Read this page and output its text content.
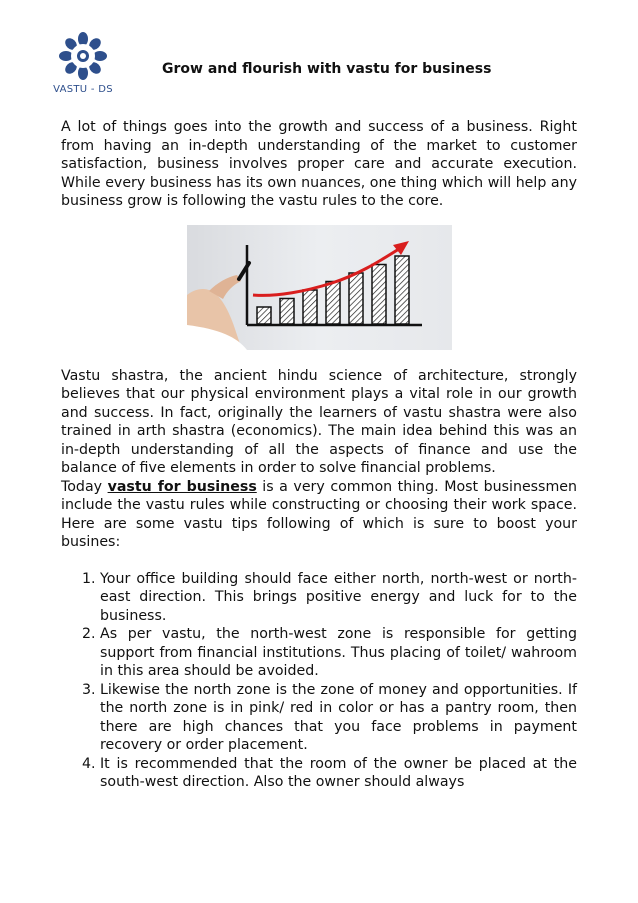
VASTU - DS
Grow and flourish with vastu for business

A lot of things goes into the growth and success of a business. Right from having an in-depth understanding of the market to customer satisfaction, business involves proper care and accurate execution. While every business has its own nuances, one thing which will help any business grow is following the vastu rules to the core.

Vastu shastra, the ancient hindu science of architecture, strongly believes that our physical environment plays a vital role in our growth and success. In fact, originally the learners of vastu shastra were also trained in arth shastra (economics). The main idea behind this was an in-depth understanding of all the aspects of finance and use the balance of five elements in order to solve financial problems.

Today vastu for business is a very common thing. Most businessmen include the vastu rules while constructing or choosing their work space. Here are some vastu tips following of which is sure to boost your busines:

1. Your office building should face either north, north-west or north-east direction. This brings positive energy and luck for to the business.
2. As per vastu, the north-west zone is responsible for getting support from financial institutions. Thus placing of toilet/ wahroom in this area should be avoided.
3. Likewise the north zone is the zone of money and opportunities. If the north zone is in pink/ red in color or has a pantry room, then there are high chances that you face problems in payment recovery or order placement.
4. It is recommended that the room of the owner be placed at the south-west direction. Also the owner should always
